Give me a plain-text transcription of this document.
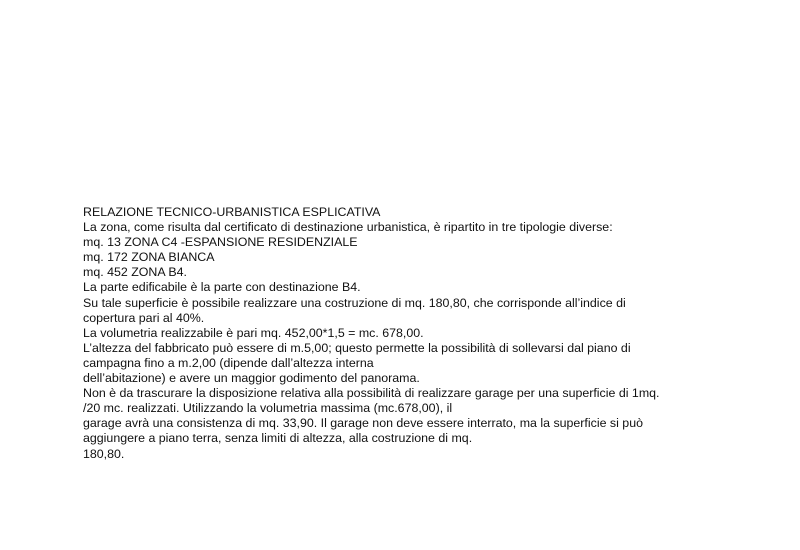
RELAZIONE TECNICO-URBANISTICA ESPLICATIVA
La zona, come risulta dal certificato di destinazione urbanistica, è ripartito in tre tipologie diverse:
mq. 13 ZONA C4 -ESPANSIONE RESIDENZIALE
mq. 172 ZONA BIANCA
mq. 452 ZONA B4.
La parte edificabile è la parte con destinazione B4.
Su tale superficie è possibile realizzare una costruzione di mq. 180,80, che corrisponde all’indice di
copertura pari al 40%.
La volumetria realizzabile è pari mq. 452,00*1,5 = mc. 678,00.
L’altezza del fabbricato può essere di m.5,00; questo permette la possibilità di sollevarsi dal piano di
campagna fino a m.2,00 (dipende dall’altezza interna
dell’abitazione) e avere un maggior godimento del panorama.
Non è da trascurare la disposizione relativa alla possibilità di realizzare garage per una superficie di 1mq.
/20 mc. realizzati. Utilizzando la volumetria massima (mc.678,00), il
garage avrà una consistenza di mq. 33,90. Il garage non deve essere interrato, ma la superficie si può
aggiungere a piano terra, senza limiti di altezza, alla costruzione di mq.
180,80.
